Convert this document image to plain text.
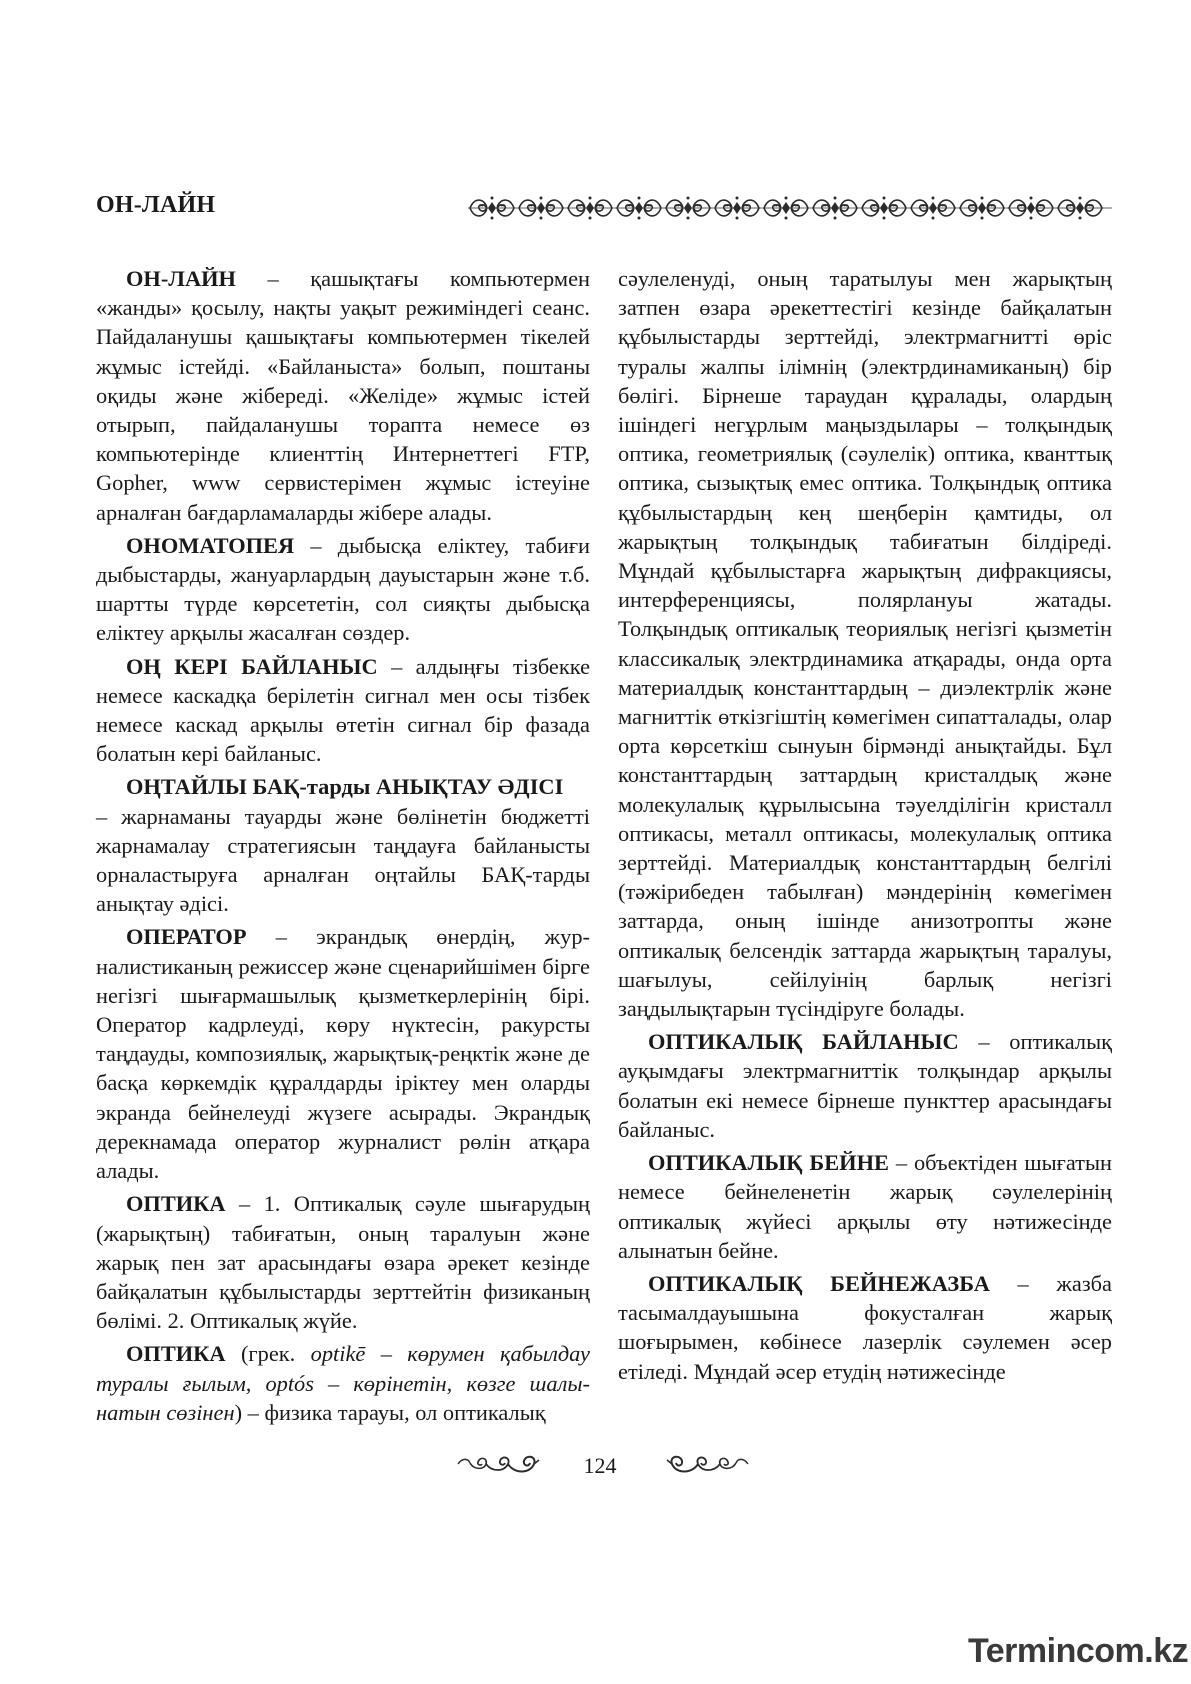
ОН-ЛАЙН

ОН-ЛАЙН – қашықтағы компьютермен «жанды» қосылу, нақты уақыт режиміндегі сеанс. Пайдаланушы қашықтағы компьютермен тікелей жұмыс істейді. «Байланыста» болып, поштаны оқиды және жібереді. «Желіде» жұмыс істей отырып, пайдаланушы торапта немесе өз компьютерінде клиенттің Интернеттегі FTP, Gopher, www сервистерімен жұмыс істеуіне арналған бағдарламаларды жібере алады.

ОНОМАТОПЕЯ – дыбысқа еліктеу, табиғи дыбыстарды, жануарлардың дауыстарын және т.б. шартты түрде көрсететін, сол сияқты дыбысқа еліктеу арқылы жасалған сөздер.

ОҢ КЕРІ БАЙЛАНЫС – алдыңғы тізбекке немесе каскадқа берілетін сигнал мен осы тізбек немесе каскад арқылы өтетін сигнал бір фазада болатын кері байланыс.

ОҢТАЙЛЫ БАҚ-тарды АНЫҚТАУ ӘДІСІ
– жарнаманы тауарды және бөлінетін бюджетті жарнамалау стратегиясын таңдауға байланысты орналастыруға арналған оңтайлы БАҚ-тарды анықтау әдісі.

ОПЕРАТОР – экрандық өнердің, журналистиканың режиссер және сценарийшімен бірге негізгі шығармашылық қызметкерлерінің бірі. Оператор кадрлеуді, көру нүктесін, ракурсты таңдауды, композиялық, жарықтық-реңктік және де басқа көркемдік құралдарды іріктеу мен оларды экранда бейнелеуді жүзеге асырады. Экрандық дерекнамада оператор журналист рөлін атқара алады.

ОПТИКА – 1. Оптикалық сәуле шығарудың (жарықтың) табиғатын, оның таралуын және жарық пен зат арасындағы өзара әрекет кезінде байқалатын құбылыстарды зерттейтін физиканың бөлімі. 2. Оптикалық жүйе.

ОПТИКА (грек. optikē – көрумен қабылдау туралы ғылым, optós – көрінетін, көзге шалынатын сөзінен) – физика тарауы, ол оптикалық

сәулеленуді, оның таратылуы мен жарықтың затпен өзара әрекеттестігі кезінде байқалатын құбылыстарды зерттейді, электрмагнитті өріс туралы жалпы ілімнің (электрдинамиканың) бір бөлігі. Бірнеше тараудан құралады, олардың ішіндегі негұрлым маңыздылары – толқындық оптика, геометриялық (сәулелік) оптика, кванттық оптика, сызықтық емес оптика. Толқындық оптика құбылыстардың кең шеңберін қамтиды, ол жарықтың толқындық табиғатын білдіреді. Мұндай құбылыстарға жарықтың дифракциясы, интерференциясы, полярлануы жатады. Толқындық оптикалық теориялық негізгі қызметін классикалық электрдинамика атқарады, онда орта материалдық константтардың – диэлектрлік және магниттік өткізгіштің көмегімен сипатталады, олар орта көрсеткіш сынуын бірмәнді анықтайды. Бұл константтардың заттардың кристалдық және молекулалық құрылысына тәуелділігін кристалл оптикасы, металл оптикасы, молекулалық оптика зерттейді. Материалдық константтардың белгілі (тәжірибеден табылған) мәндерінің көмегімен заттарда, оның ішінде анизотропты және оптикалық белсендік заттарда жарықтың таралуы, шағылуы, сейілуінің барлық негізгі заңдылықтарын түсіндіруге болады.

ОПТИКАЛЫҚ БАЙЛАНЫС – оптикалық ауқымдағы электрмагниттік толқындар арқылы болатын екі немесе бірнеше пункттер арасындағы байланыс.

ОПТИКАЛЫҚ БЕЙНЕ – объектіден шығатын немесе бейнеленетін жарық сәулелерінің оптикалық жүйесі арқылы өту нәтижесінде алынатын бейне.

ОПТИКАЛЫҚ БЕЙНЕЖАЗБА – жазба тасымалдауышына фокусталған жарық шоғырымен, көбінесе лазерлік сәулемен әсер етіледі. Мұндай әсер етудің нәтижесінде

124
Termincom.kz
